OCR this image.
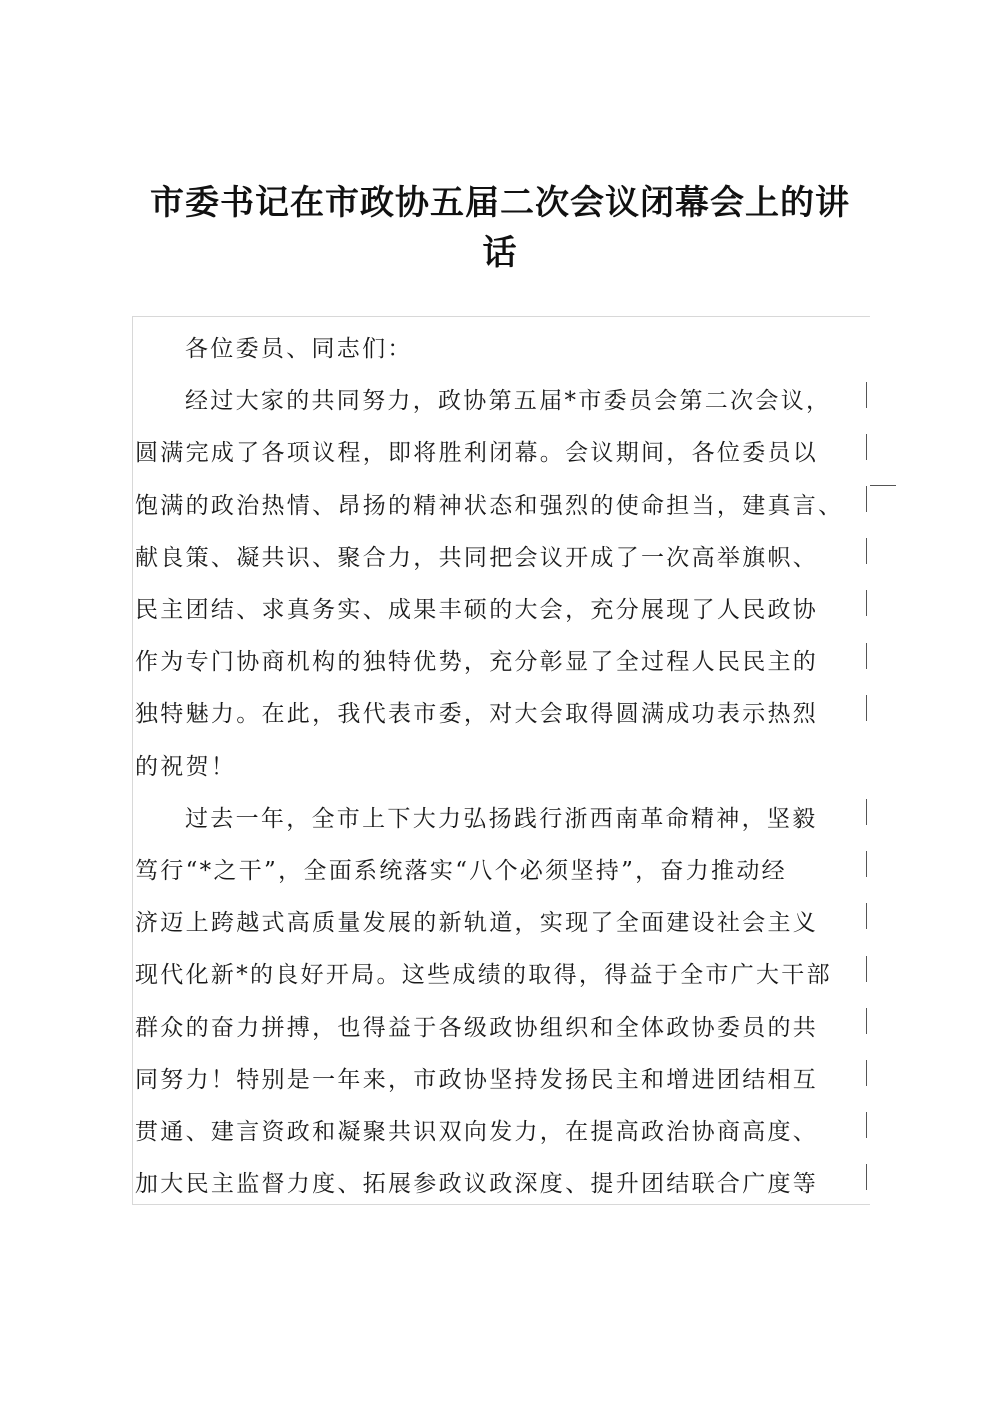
市委书记在市政协五届二次会议闭幕会上的讲
话

各位委员、同志们：

经过大家的共同努力，政协第五届*市委员会第二次会议，
圆满完成了各项议程，即将胜利闭幕。会议期间，各位委员以
饱满的政治热情、昂扬的精神状态和强烈的使命担当，建真言、
献良策、凝共识、聚合力，共同把会议开成了一次高举旗帜、
民主团结、求真务实、成果丰硕的大会，充分展现了人民政协
作为专门协商机构的独特优势，充分彰显了全过程人民民主的
独特魅力。在此，我代表市委，对大会取得圆满成功表示热烈
的祝贺！

过去一年，全市上下大力弘扬践行浙西南革命精神，坚毅
笃行“*之干”，全面系统落实“八个必须坚持”，奋力推动经
济迈上跨越式高质量发展的新轨道，实现了全面建设社会主义
现代化新*的良好开局。这些成绩的取得，得益于全市广大干部
群众的奋力拼搏，也得益于各级政协组织和全体政协委员的共
同努力！特别是一年来，市政协坚持发扬民主和增进团结相互
贯通、建言资政和凝聚共识双向发力，在提高政治协商高度、
加大民主监督力度、拓展参政议政深度、提升团结联合广度等
